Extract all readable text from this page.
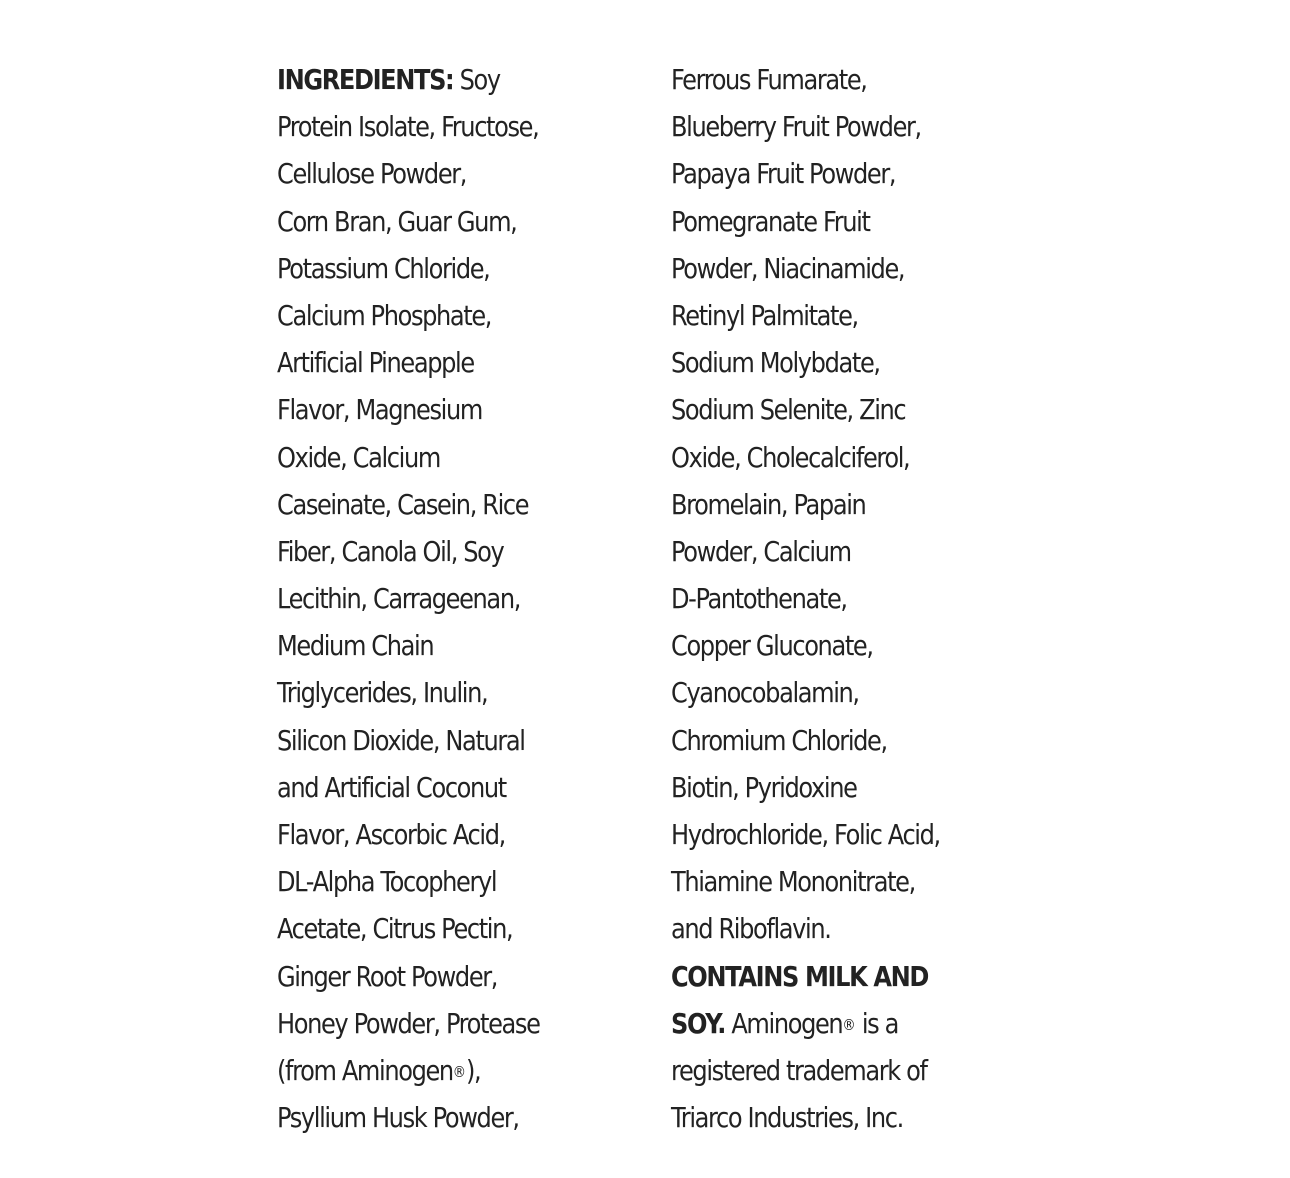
INGREDIENTS: Soy
Protein Isolate, Fructose,
Cellulose Powder,
Corn Bran, Guar Gum,
Potassium Chloride,
Calcium Phosphate,
Artificial Pineapple
Flavor, Magnesium
Oxide, Calcium
Caseinate, Casein, Rice
Fiber, Canola Oil, Soy
Lecithin, Carrageenan,
Medium Chain
Triglycerides, Inulin,
Silicon Dioxide, Natural
and Artificial Coconut
Flavor, Ascorbic Acid,
DL-Alpha Tocopheryl
Acetate, Citrus Pectin,
Ginger Root Powder,
Honey Powder, Protease
(from Aminogen®),
Psyllium Husk Powder,
Ferrous Fumarate,
Blueberry Fruit Powder,
Papaya Fruit Powder,
Pomegranate Fruit
Powder, Niacinamide,
Retinyl Palmitate,
Sodium Molybdate,
Sodium Selenite, Zinc
Oxide, Cholecalciferol,
Bromelain, Papain
Powder, Calcium
D-Pantothenate,
Copper Gluconate,
Cyanocobalamin,
Chromium Chloride,
Biotin, Pyridoxine
Hydrochloride, Folic Acid,
Thiamine Mononitrate,
and Riboflavin.
CONTAINS MILK AND
SOY. Aminogen® is a
registered trademark of
Triarco Industries, Inc.
